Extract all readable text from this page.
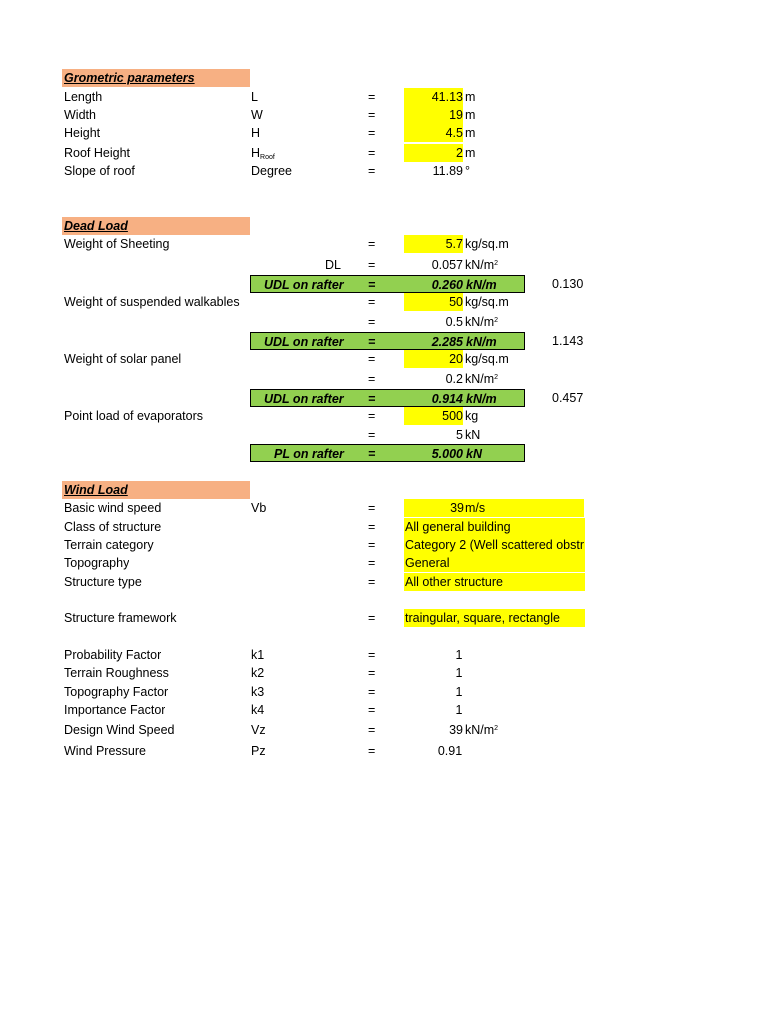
Grometric parameters
Length	L	=	41.13 m
Width	W	=	19 m
Height	H	=	4.5 m
Roof Height	$H_{Roof}$	=	2 m
Slope of roof	Degree	=	11.89 °
Dead Load
Weight of Sheeting	=	5.7 kg/sq.m
DL =	0.057 $kN/m^2$
UDL on rafter =	0.260 kN/m	0.130
Weight of suspended walkables	=	50 kg/sq.m
=	0.5 $kN/m^2$
UDL on rafter =	2.285 kN/m	1.143
Weight of solar panel	=	20 kg/sq.m
=	0.2 $kN/m^2$
UDL on rafter =	0.914 kN/m	0.457
Point load of evaporators	=	500 kg
=	5 kN
PL on rafter =	5.000 kN
Wind Load
Basic wind speed	Vb	=	39 m/s
Class of structure	= All general building
Terrain category	= Category 2 (Well scattered obstr
Topography	= General
Structure type	= All other structure
Structure framework	= traingular, square, rectangle
Probability Factor	k1	=	1
Terrain Roughness	k2	=	1
Topography Factor	k3	=	1
Importance Factor	k4	=	1
Design Wind Speed	Vz	=	39 $kN/m^2$
Wind Pressure	Pz	=	0.91
